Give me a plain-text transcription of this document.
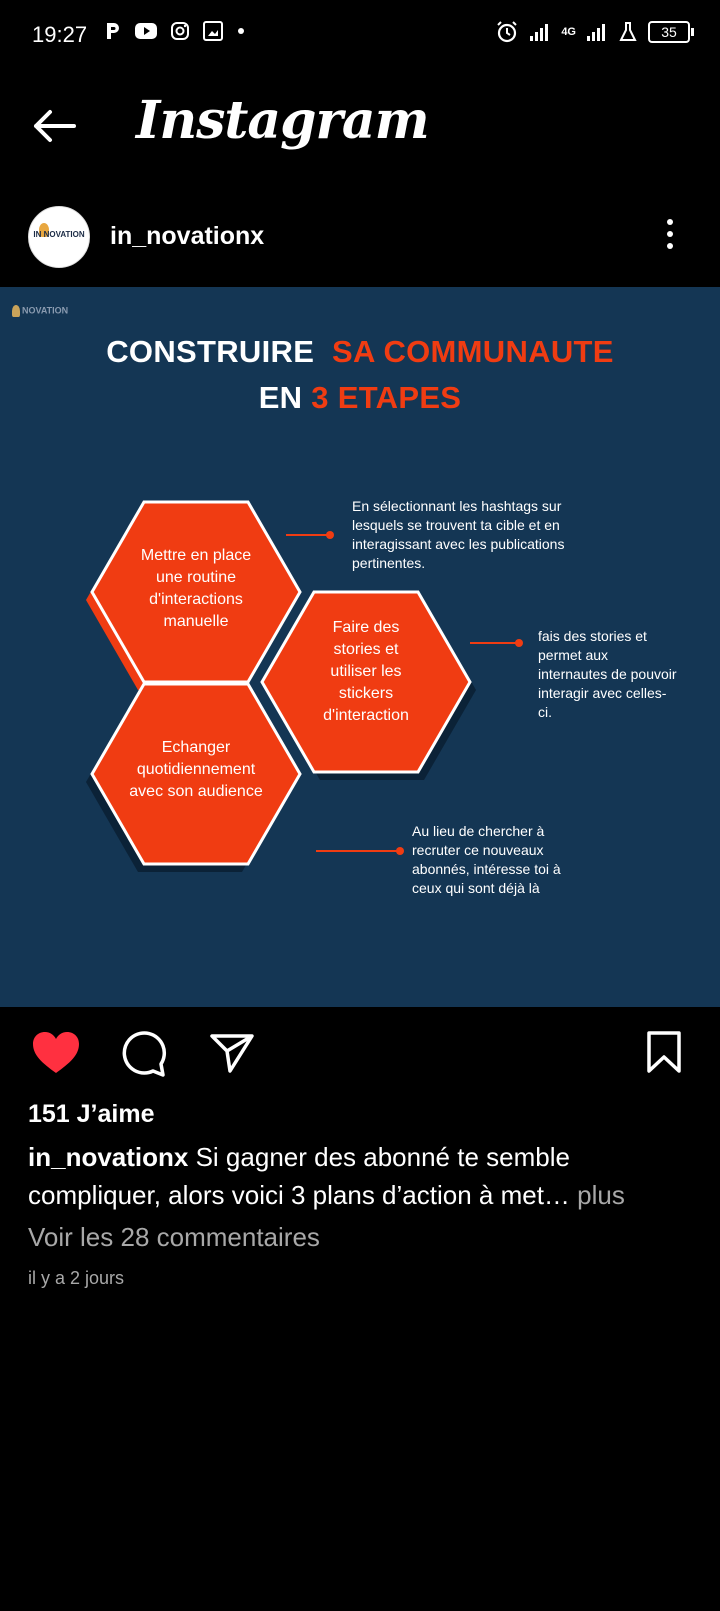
19:27	4G	35
Instagram
IN NOVATION in_novationx
NOVATION
CONSTRUIRE SA COMMUNAUTE
EN 3 ETAPES
Mettre en place une routine d'interactions manuelle	Faire des stories et utiliser les stickers d'interaction
Echanger quotidiennement avec son audience
En sélectionnant les hashtags sur lesquels se trouvent ta cible et en interagissant avec les publications pertinentes.
fais des stories et permet aux internautes de pouvoir interagir avec celles-ci.
Au lieu de chercher à recruter ce nouveaux abonnés, intéresse toi à ceux qui sont déjà là
151 J’aime
in_novationx Si gagner des abonné te semble compliquer, alors voici 3 plans d’action à met… plus
Voir les 28 commentaires
il y a 2 jours
